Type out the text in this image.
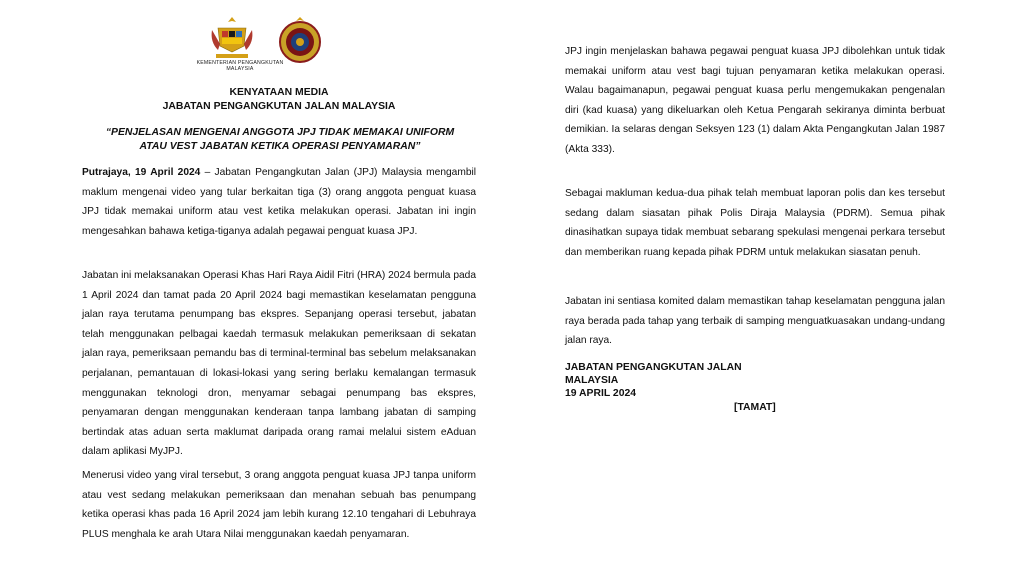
KEMENTERIAN PENGANGKUTAN
MALAYSIA
KENYATAAN MEDIA
JABATAN PENGANGKUTAN JALAN MALAYSIA
“PENJELASAN MENGENAI ANGGOTA JPJ TIDAK MEMAKAI UNIFORM
ATAU VEST JABATAN KETIKA OPERASI PENYAMARAN”

Putrajaya, 19 April 2024 – Jabatan Pengangkutan Jalan (JPJ) Malaysia mengambil maklum mengenai video yang tular berkaitan tiga (3) orang anggota penguat kuasa JPJ tidak memakai uniform atau vest ketika melakukan operasi. Jabatan ini ingin mengesahkan bahawa ketiga-tiganya adalah pegawai penguat kuasa JPJ.

Jabatan ini melaksanakan Operasi Khas Hari Raya Aidil Fitri (HRA) 2024 bermula pada 1 April 2024 dan tamat pada 20 April 2024 bagi memastikan keselamatan pengguna jalan raya terutama penumpang bas ekspres. Sepanjang operasi tersebut, jabatan telah menggunakan pelbagai kaedah termasuk melakukan pemeriksaan di sekatan jalan raya, pemeriksaan pemandu bas di terminal-terminal bas sebelum melaksanakan perjalanan, pemantauan di lokasi-lokasi yang sering berlaku kemalangan termasuk menggunakan teknologi dron, menyamar sebagai penumpang bas ekspres, penyamaran dengan menggunakan kenderaan tanpa lambang jabatan di samping bertindak atas aduan serta maklumat daripada orang ramai melalui sistem eAduan dalam aplikasi MyJPJ.

Menerusi video yang viral tersebut, 3 orang anggota penguat kuasa JPJ tanpa uniform atau vest sedang melakukan pemeriksaan dan menahan sebuah bas penumpang ketika operasi khas pada 16 April 2024 jam lebih kurang 12.10 tengahari di Lebuhraya PLUS menghala ke arah Utara Nilai menggunakan kaedah penyamaran.

JPJ ingin menjelaskan bahawa pegawai penguat kuasa JPJ dibolehkan untuk tidak memakai uniform atau vest bagi tujuan penyamaran ketika melakukan operasi. Walau bagaimanapun, pegawai penguat kuasa perlu mengemukakan pengenalan diri (kad kuasa) yang dikeluarkan oleh Ketua Pengarah sekiranya diminta berbuat demikian. Ia selaras dengan Seksyen 123 (1) dalam Akta Pengangkutan Jalan 1987 (Akta 333).

Sebagai makluman kedua-dua pihak telah membuat laporan polis dan kes tersebut sedang dalam siasatan pihak Polis Diraja Malaysia (PDRM). Semua pihak dinasihatkan supaya tidak membuat sebarang spekulasi mengenai perkara tersebut dan memberikan ruang kepada pihak PDRM untuk melakukan siasatan penuh.

Jabatan ini sentiasa komited dalam memastikan tahap keselamatan pengguna jalan raya berada pada tahap yang terbaik di samping menguatkuasakan undang-undang jalan raya.

JABATAN PENGANGKUTAN JALAN
MALAYSIA
19 APRIL 2024
[TAMAT]
